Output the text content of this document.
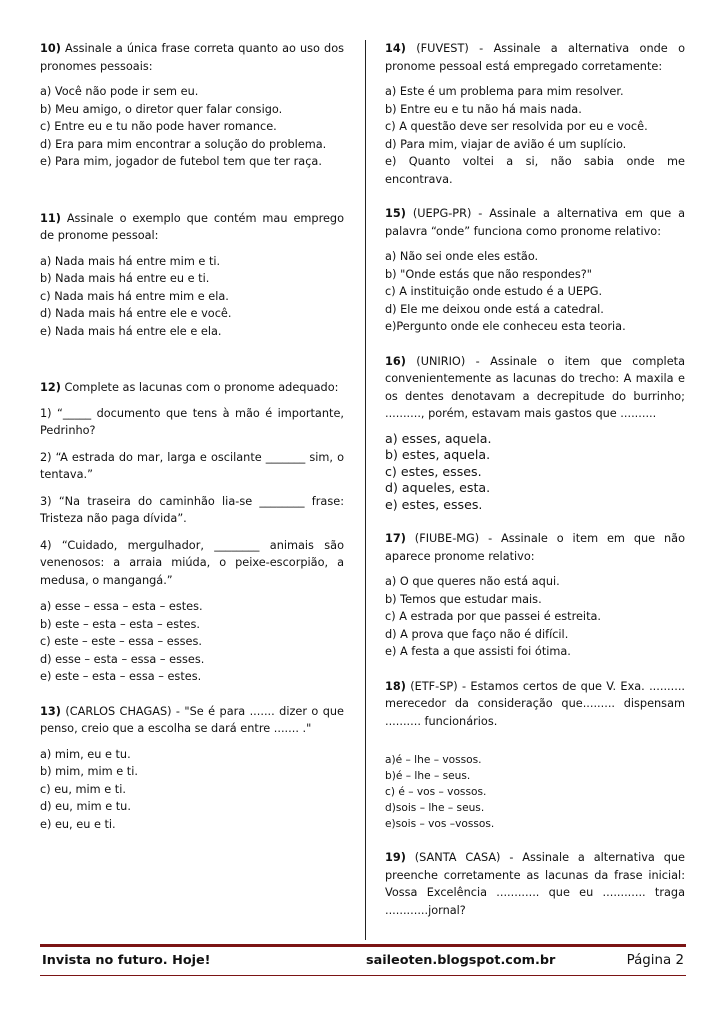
10) Assinale a única frase correta quanto ao uso dos pronomes pessoais:

a) Você não pode ir sem eu.
b) Meu amigo, o diretor quer falar consigo.
c) Entre eu e tu não pode haver romance.
d) Era para mim encontrar a solução do problema.
e) Para mim, jogador de futebol tem que ter raça.

11) Assinale o exemplo que contém mau emprego de pronome pessoal:

a) Nada mais há entre mim e ti.
b) Nada mais há entre eu e ti.
c) Nada mais há entre mim e ela.
d) Nada mais há entre ele e você.
e) Nada mais há entre ele e ela.

12) Complete as lacunas com o pronome adequado:

1) “_____ documento que tens à mão é importante, Pedrinho?

2) “A estrada do mar, larga e oscilante _______ sim, o tentava.”

3) “Na traseira do caminhão lia-se ________ frase: Tristeza não paga dívida”.

4) “Cuidado, mergulhador, ________ animais são venenosos: a arraia miúda, o peixe-escorpião, a medusa, o mangangá.”

a) esse – essa – esta – estes.
b) este – esta – esta – estes.
c) este – este – essa – esses.
d) esse – esta – essa – esses.
e) este – esta – essa – estes.

13) (CARLOS CHAGAS) - "Se é para ....... dizer o que penso, creio que a escolha se dará entre ....... ."

a) mim, eu e tu.
b) mim, mim e ti.
c) eu, mim e ti.
d) eu, mim e tu.
e) eu, eu e ti.

14) (FUVEST) - Assinale a alternativa onde o pronome pessoal está empregado corretamente:

a) Este é um problema para mim resolver.
b) Entre eu e tu não há mais nada.
c) A questão deve ser resolvida por eu e você.
d) Para mim, viajar de avião é um suplício.
e) Quanto voltei a si, não sabia onde me encontrava.

15) (UEPG-PR) - Assinale a alternativa em que a palavra “onde” funciona como pronome relativo:

a) Não sei onde eles estão.
b) "Onde estás que não respondes?"
c) A instituição onde estudo é a UEPG.
d) Ele me deixou onde está a catedral.
e)Pergunto onde ele conheceu esta teoria.

16) (UNIRIO) - Assinale o item que completa convenientemente as lacunas do trecho: A maxila e os dentes denotavam a decrepitude do burrinho; .........., porém, estavam mais gastos que ..........

a) esses, aquela.
b) estes, aquela.
c) estes, esses.
d) aqueles, esta.
e) estes, esses.

17) (FIUBE-MG) - Assinale o item em que não aparece pronome relativo:

a) O que queres não está aqui.
b) Temos que estudar mais.
c) A estrada por que passei é estreita.
d) A prova que faço não é difícil.
e) A festa a que assisti foi ótima.

18) (ETF-SP) - Estamos certos de que V. Exa. .......... merecedor da consideração que......... dispensam .......... funcionários.

a)é – lhe – vossos.
b)é – lhe – seus.
c) é – vos – vossos.
d)sois – lhe – seus.
e)sois – vos –vossos.

19) (SANTA CASA) - Assinale a alternativa que preenche corretamente as lacunas da frase inicial: Vossa Excelência ............ que eu ............ traga ............jornal?

Invista no futuro. Hoje!	saileoten.blogspot.com.br	Página 2
